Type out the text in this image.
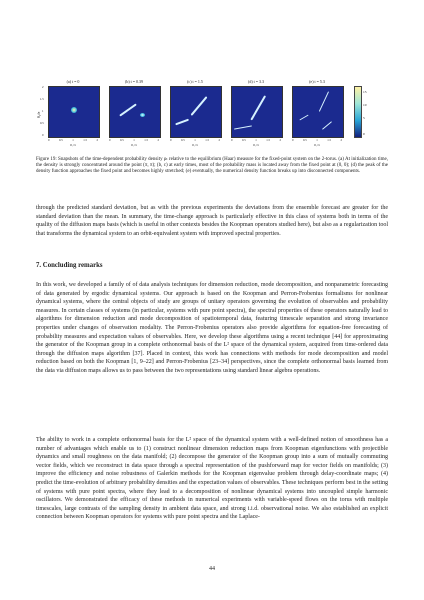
θ₂/π
(a) t = 0
0	0.5	1	1.5	2
θ₁/π
2
1.5
1
0.5
0
(b) t = 0.39
0	0.5	1	1.5	2
θ₁/π
(c) t = 1.5
0	0.5	1	1.5	2
θ₁/π
(d) t = 3.3
0	0.5	1	1.5	2
θ₁/π
(e) t = 5.3
0	0.5	1	1.5	2
θ₁/π
15
10
5
0
Figure 19: Snapshots of the time-dependent probability density ρₜ relative to the equilibrium (Haar) measure for the fixed-point system on the 2-torus. (a) At initialization time, the density is strongly concentrated around the point (π, π); (b, c) at early times, most of the probability mass is located away from the fixed point at (0, 0); (d) the peak of the density function approaches the fixed point and becomes highly stretched; (e) eventually, the numerical density function breaks up into disconnected components.
through the predicted standard deviation, but as with the previous experiments the deviations from the ensemble forecast are greater for the standard deviation than the mean. In summary, the time-change approach is particularly effective in this class of systems both in terms of the quality of the diffusion maps basis (which is useful in other contexts besides the Koopman operators studied here), but also as a regularization tool that transforms the dynamical system to an orbit-equivalent system with improved spectral properties.
7. Concluding remarks
In this work, we developed a family of of data analysis techniques for dimension reduction, mode decomposition, and nonparametric forecasting of data generated by ergodic dynamical systems. Our approach is based on the Koopman and Perron-Frobenius formalisms for nonlinear dynamical systems, where the central objects of study are groups of unitary operators governing the evolution of observables and probability measures. In certain classes of systems (in particular, systems with pure point spectra), the spectral properties of these operators naturally lead to algorithms for dimension reduction and mode decomposition of spatiotemporal data, featuring timescale separation and strong invariance properties under changes of observation modality. The Perron-Frobenius operators also provide algorithms for equation-free forecasting of probability measures and expectation values of observables. Here, we develop these algorithms using a recent technique [44] for approximating the generator of the Koopman group in a complete orthonormal basis of the L² space of the dynamical system, acquired from time-ordered data through the diffusion maps algorithm [37]. Placed in context, this work has connections with methods for mode decomposition and model reduction based on both the Koopman [1, 9–22] and Perron-Frobenius [23–34] perspectives, since the complete orthonormal basis learned from the data via diffusion maps allows us to pass between the two representations using standard linear algebra operations.
The ability to work in a complete orthonormal basis for the L² space of the dynamical system with a well-defined notion of smoothness has a number of advantages which enable us to (1) construct nonlinear dimension reduction maps from Koopman eigenfunctions with projectible dynamics and small roughness on the data manifold; (2) decompose the generator of the Koopman group into a sum of mutually commuting vector fields, which we reconstruct in data space through a spectral representation of the pushforward map for vector fields on manifolds; (3) improve the efficiency and noise robustness of Galerkin methods for the Koopman eigenvalue problem through delay-coordinate maps; (4) predict the time-evolution of arbitrary probability densities and the expectation values of observables. These techniques perform best in the setting of systems with pure point spectra, where they lead to a decomposition of nonlinear dynamical systems into uncoupled simple harmonic oscillators. We demonstrated the efficacy of these methods in numerical experiments with variable-speed flows on the torus with multiple timescales, large contrasts of the sampling density in ambient data space, and strong i.i.d. observational noise. We also established an explicit connection between Koopman operators for systems with pure point spectra and the Laplace-
44
